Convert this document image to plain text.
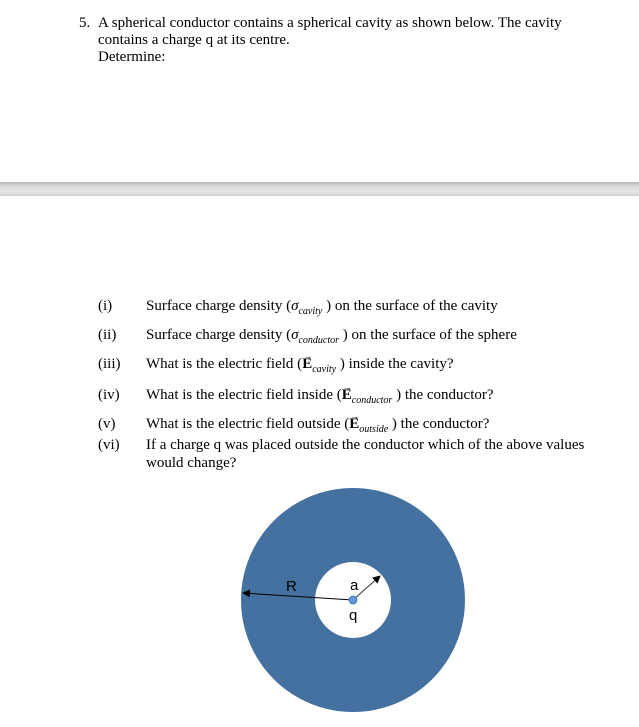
5. A spherical conductor contains a spherical cavity as shown below. The cavity
contains a charge q at its centre.
Determine:
(i) Surface charge density ($\sigma_{cavity}$ ) on the surface of the cavity
(ii) Surface charge density ($\sigma_{conductor}$ ) on the surface of the sphere
(iii) What is the electric field (→ $E_{cavity}$ ) inside the cavity?
(iv) What is the electric field inside (→ $E_{conductor}$ ) the conductor?
(v) What is the electric field outside (→ $E_{outside}$ ) the conductor?
(vi) If a charge q was placed outside the conductor which of the above values
would change?
R	a
q
